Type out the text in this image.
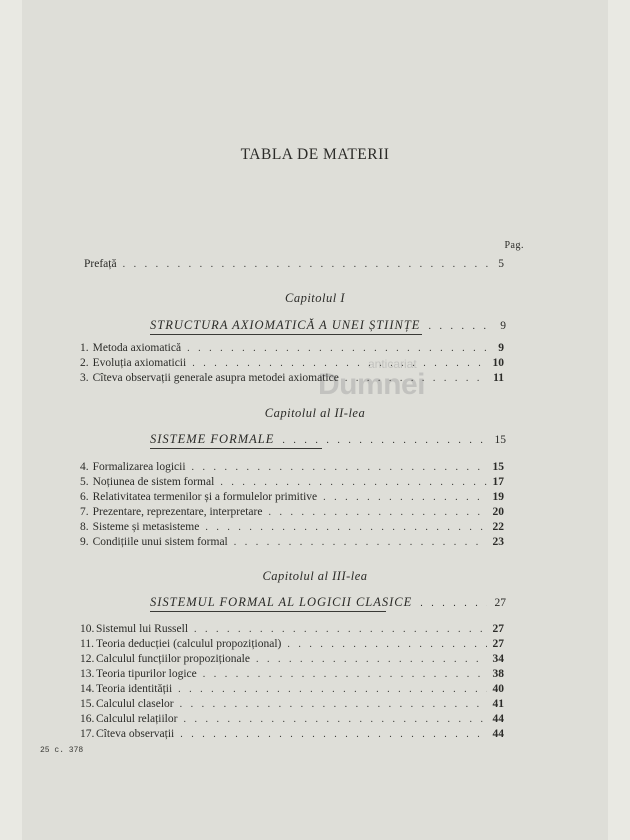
TABLA DE MATERII
anticariat
Dumnei
Pag.
Prefață . . .	5
Capitolul I
STRUCTURA AXIOMATICĂ A UNEI ȘTIINȚE . . .	9
1. Metoda axiomatică . . .	9
2. Evoluția axiomaticii . . .	10
3. Cîteva observații generale asupra metodei axiomatice . . .	11
Capitolul al II-lea
SISTEME FORMALE . . .	15
4. Formalizarea logicii . . .	15
5. Noțiunea de sistem formal . . .	17
6. Relativitatea termenilor și a formulelor primitive . . .	19
7. Prezentare, reprezentare, interpretare . . .	20
8. Sisteme și metasisteme . . .	22
9. Condițiile unui sistem formal . . .	23
Capitolul al III-lea
SISTEMUL FORMAL AL LOGICII CLASICE . . .	27
10. Sistemul lui Russell . . .	27
11. Teoria deducției (calculul propozițional) . . .	27
12. Calculul funcțiilor propoziționale . . .	34
13. Teoria tipurilor logice . . .	38
14. Teoria identității . . .	40
15. Calculul claselor . . .	41
16. Calculul relațiilor . . .	44
17. Cîteva observații . . .	44
25 c. 378
